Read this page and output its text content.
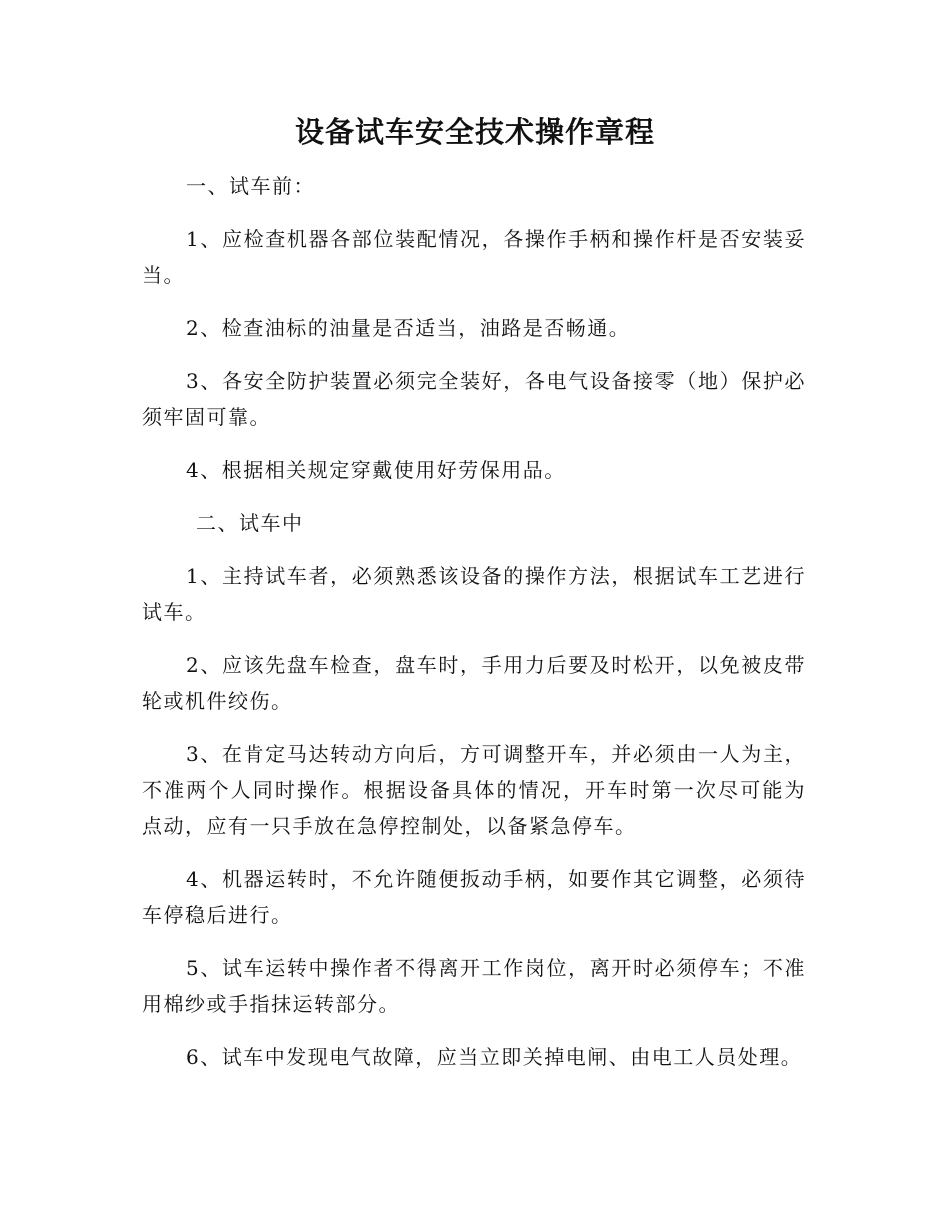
设备试车安全技术操作章程

一、试车前：

1、应检查机器各部位装配情况，各操作手柄和操作杆是否安装妥当。

2、检查油标的油量是否适当，油路是否畅通。

3、各安全防护装置必须完全装好，各电气设备接零（地）保护必须牢固可靠。

4、根据相关规定穿戴使用好劳保用品。

二、试车中

1、主持试车者，必须熟悉该设备的操作方法，根据试车工艺进行试车。

2、应该先盘车检查，盘车时，手用力后要及时松开，以免被皮带轮或机件绞伤。

3、在肯定马达转动方向后，方可调整开车，并必须由一人为主，不准两个人同时操作。根据设备具体的情况，开车时第一次尽可能为点动，应有一只手放在急停控制处，以备紧急停车。

4、机器运转时，不允许随便扳动手柄，如要作其它调整，必须待车停稳后进行。

5、试车运转中操作者不得离开工作岗位，离开时必须停车；不准用棉纱或手指抹运转部分。

6、试车中发现电气故障，应当立即关掉电闸、由电工人员处理。
